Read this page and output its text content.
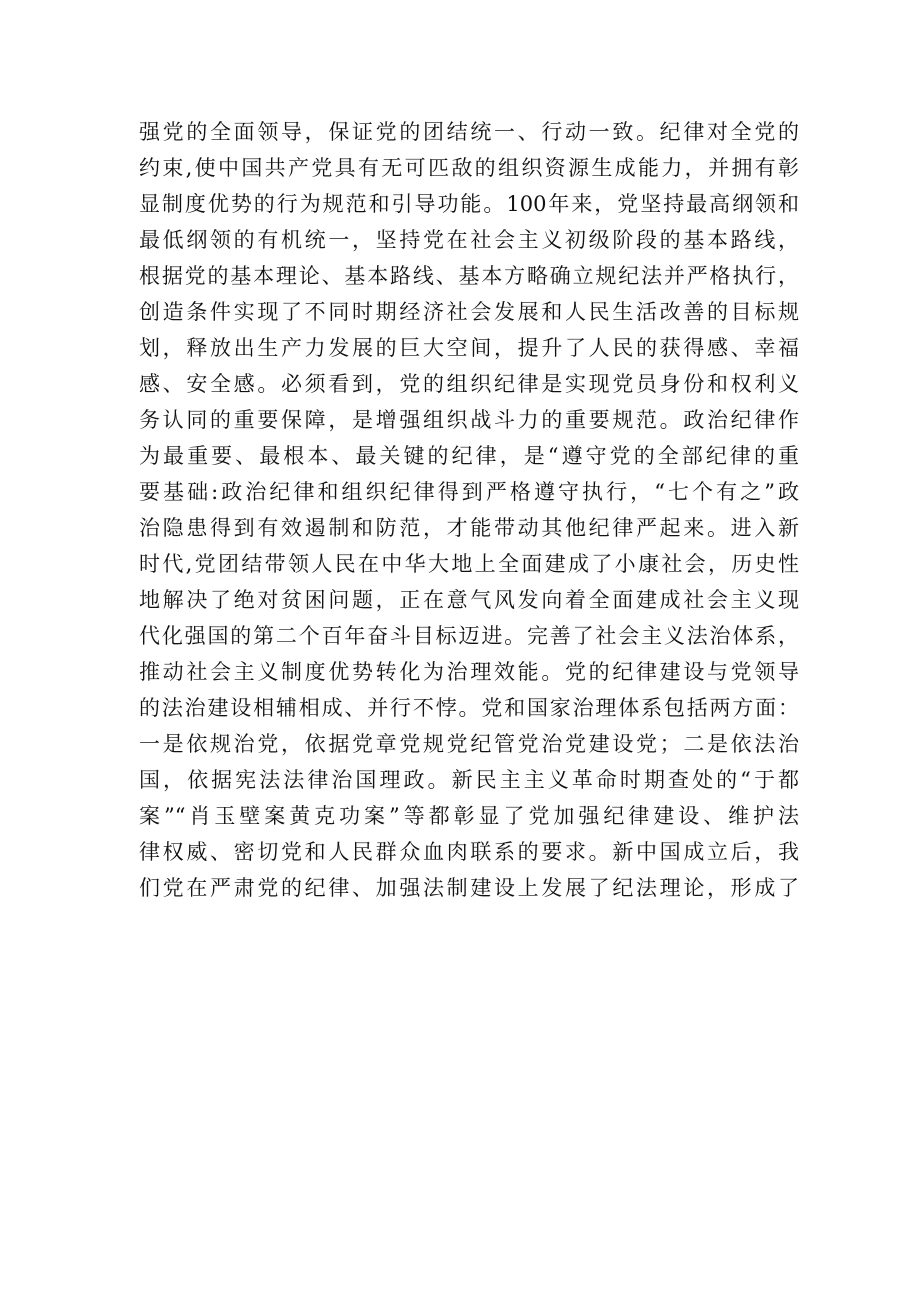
强党的全面领导，保证党的团结统一、行动一致。纪律对全党的
约束,使中国共产党具有无可匹敌的组织资源生成能力，并拥有彰
显制度优势的行为规范和引导功能。100年来，党坚持最高纲领和
最低纲领的有机统一，坚持党在社会主义初级阶段的基本路线，
根据党的基本理论、基本路线、基本方略确立规纪法并严格执行，
创造条件实现了不同时期经济社会发展和人民生活改善的目标规
划，释放出生产力发展的巨大空间，提升了人民的获得感、幸福
感、安全感。必须看到，党的组织纪律是实现党员身份和权利义
务认同的重要保障，是增强组织战斗力的重要规范。政治纪律作
为最重要、最根本、最关键的纪律，是“遵守党的全部纪律的重
要基础:政治纪律和组织纪律得到严格遵守执行，“七个有之”政
治隐患得到有效遏制和防范，才能带动其他纪律严起来。进入新
时代,党团结带领人民在中华大地上全面建成了小康社会，历史性
地解决了绝对贫困问题，正在意气风发向着全面建成社会主义现
代化强国的第二个百年奋斗目标迈进。完善了社会主义法治体系，
推动社会主义制度优势转化为治理效能。党的纪律建设与党领导
的法治建设相辅相成、并行不悖。党和国家治理体系包括两方面：
一是依规治党，依据党章党规党纪管党治党建设党；二是依法治
国，依据宪法法律治国理政。新民主主义革命时期查处的“于都
案”“肖玉壁案黄克功案”等都彰显了党加强纪律建设、维护法
律权威、密切党和人民群众血肉联系的要求。新中国成立后，我
们党在严肃党的纪律、加强法制建设上发展了纪法理论，形成了
